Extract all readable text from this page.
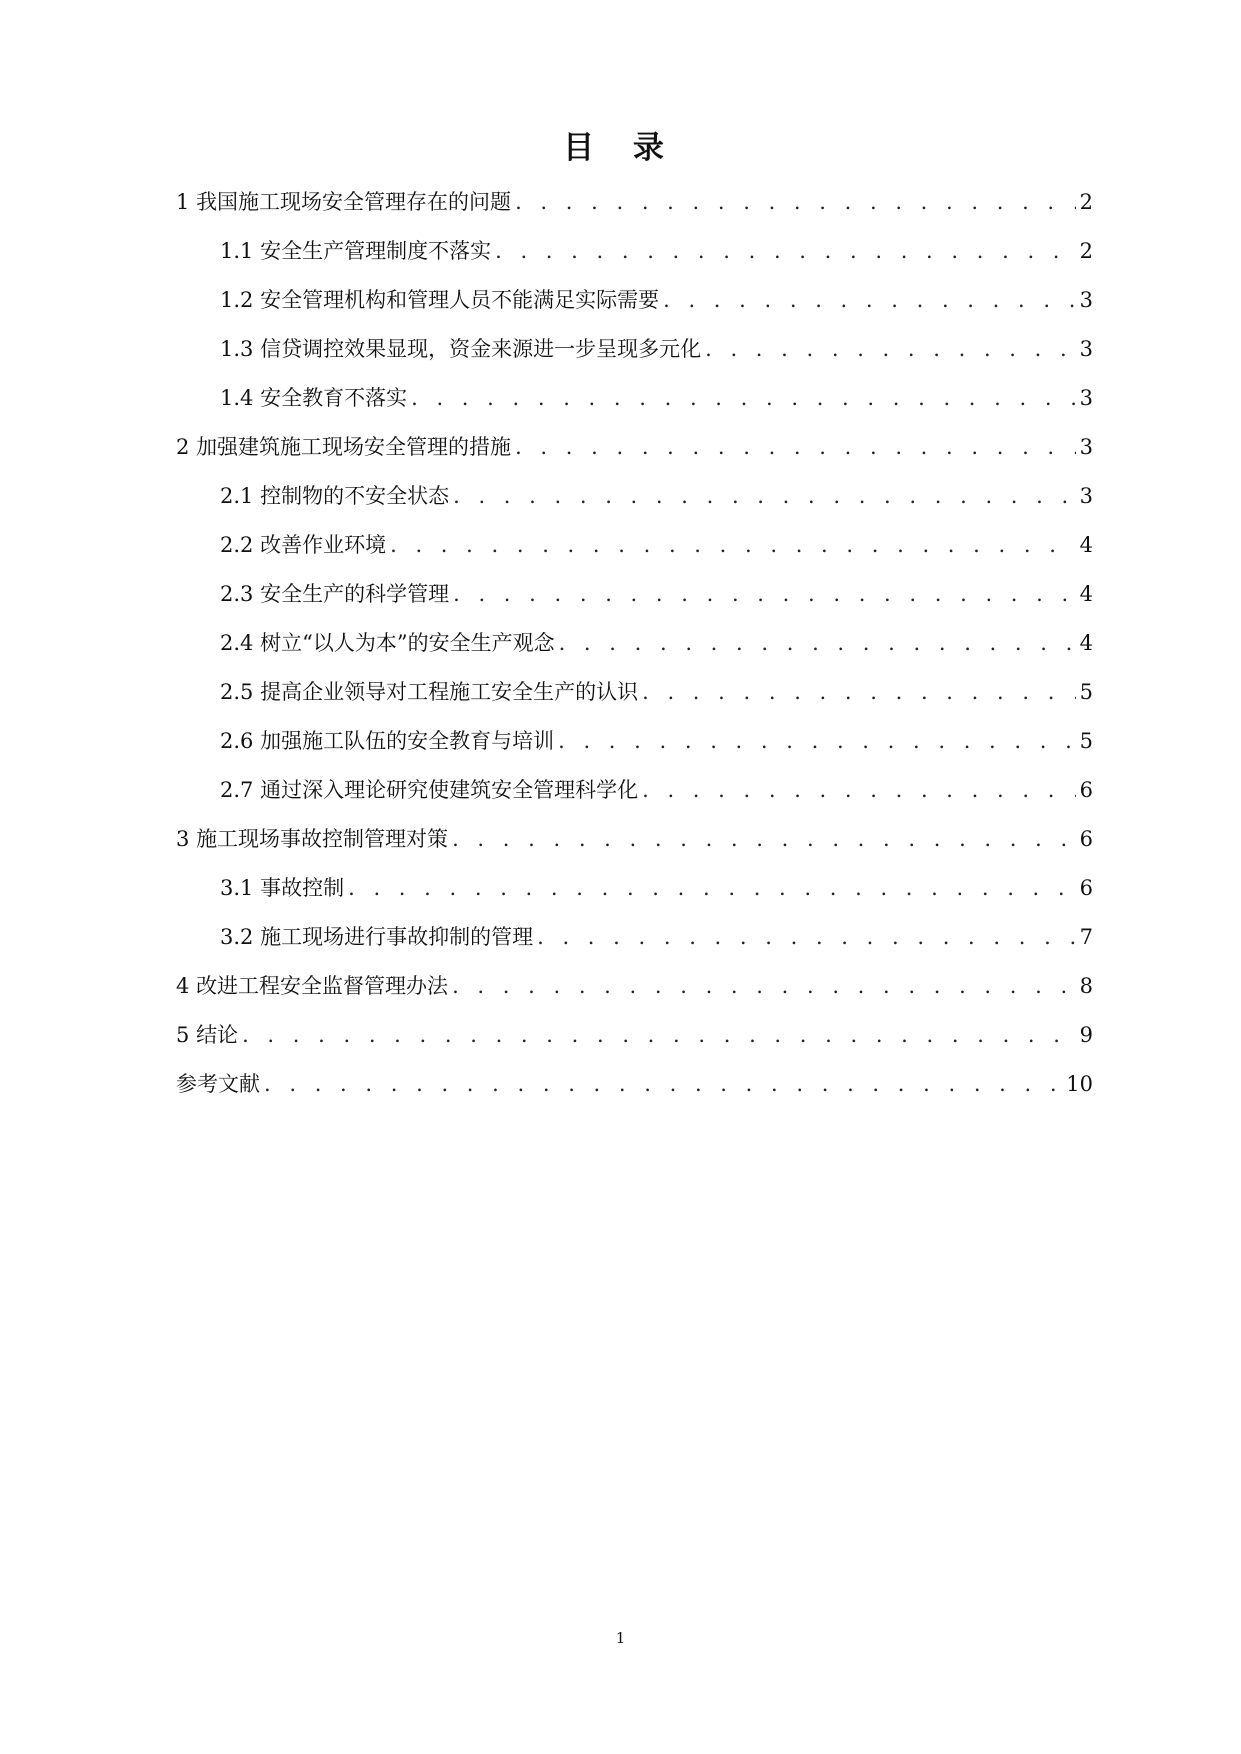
目 录
1 我国施工现场安全管理存在的问题 . . .	2
1.1 安全生产管理制度不落实 . . .	2
1.2 安全管理机构和管理人员不能满足实际需要 . . .	3
1.3 信贷调控效果显现，资金来源进一步呈现多元化 . . .	3
1.4 安全教育不落实 . . .	3
2 加强建筑施工现场安全管理的措施 . . .	3
2.1 控制物的不安全状态 . . .	3
2.2 改善作业环境 . . .	4
2.3 安全生产的科学管理 . . .	4
2.4 树立“以人为本”的安全生产观念 . . .	4
2.5 提高企业领导对工程施工安全生产的认识 . . .	5
2.6 加强施工队伍的安全教育与培训 . . .	5
2.7 通过深入理论研究使建筑安全管理科学化 . . .	6
3 施工现场事故控制管理对策 . . .	6
3.1 事故控制 . . .	6
3.2 施工现场进行事故抑制的管理 . . .	7
4 改进工程安全监督管理办法 . . .	8
5 结论 . . .	9
参考文献 . . .	10
1
